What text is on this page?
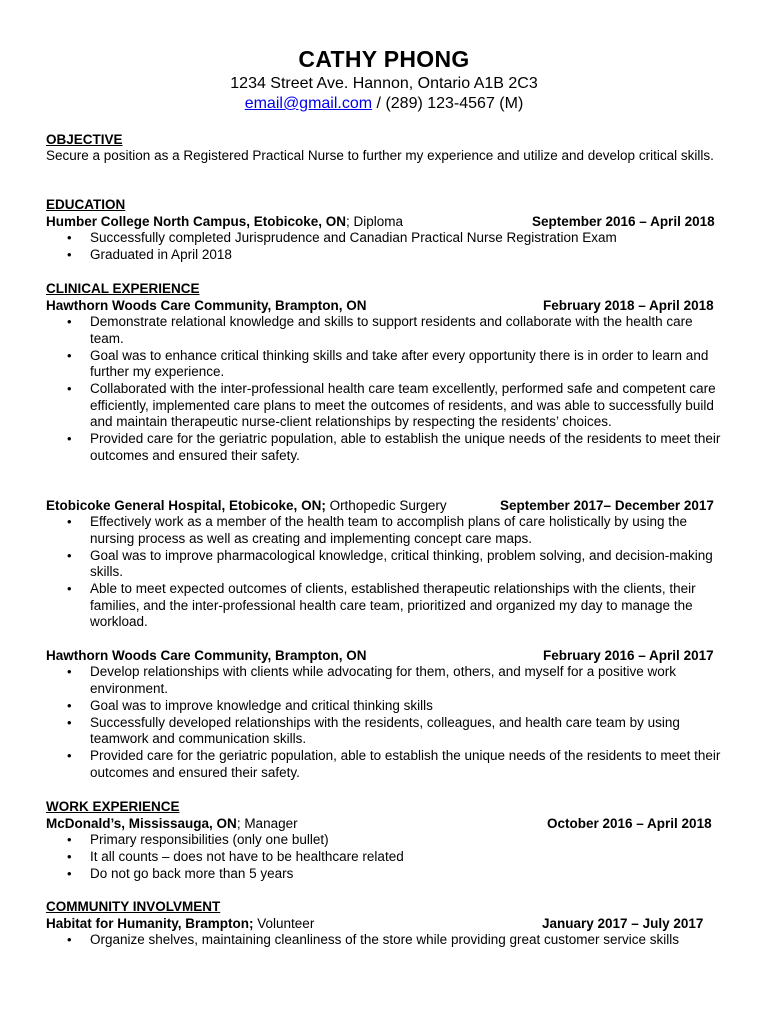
CATHY PHONG
1234 Street Ave. Hannon, Ontario A1B 2C3
email@gmail.com / (289) 123-4567 (M)
OBJECTIVE
Secure a position as a Registered Practical Nurse to further my experience and utilize and develop critical skills.
EDUCATION
Humber College North Campus, Etobicoke, ON; Diploma	September 2016 – April 2018
• Successfully completed Jurisprudence and Canadian Practical Nurse Registration Exam
• Graduated in April 2018
CLINICAL EXPERIENCE
Hawthorn Woods Care Community, Brampton, ON	February 2018 – April 2018
• Demonstrate relational knowledge and skills to support residents and collaborate with the health care team.
• Goal was to enhance critical thinking skills and take after every opportunity there is in order to learn and further my experience.
• Collaborated with the inter-professional health care team excellently, performed safe and competent care efficiently, implemented care plans to meet the outcomes of residents, and was able to successfully build and maintain therapeutic nurse-client relationships by respecting the residents’ choices.
• Provided care for the geriatric population, able to establish the unique needs of the residents to meet their outcomes and ensured their safety.
Etobicoke General Hospital, Etobicoke, ON; Orthopedic Surgery	September 2017– December 2017
• Effectively work as a member of the health team to accomplish plans of care holistically by using the nursing process as well as creating and implementing concept care maps.
• Goal was to improve pharmacological knowledge, critical thinking, problem solving, and decision-making skills.
• Able to meet expected outcomes of clients, established therapeutic relationships with the clients, their families, and the inter-professional health care team, prioritized and organized my day to manage the workload.
Hawthorn Woods Care Community, Brampton, ON	February 2016 – April 2017
• Develop relationships with clients while advocating for them, others, and myself for a positive work environment.
• Goal was to improve knowledge and critical thinking skills
• Successfully developed relationships with the residents, colleagues, and health care team by using teamwork and communication skills.
• Provided care for the geriatric population, able to establish the unique needs of the residents to meet their outcomes and ensured their safety.
WORK EXPERIENCE
McDonald’s, Mississauga, ON; Manager	October 2016 – April 2018
• Primary responsibilities (only one bullet)
• It all counts – does not have to be healthcare related
• Do not go back more than 5 years
COMMUNITY INVOLVMENT
Habitat for Humanity, Brampton; Volunteer	January 2017 – July 2017
• Organize shelves, maintaining cleanliness of the store while providing great customer service skills
